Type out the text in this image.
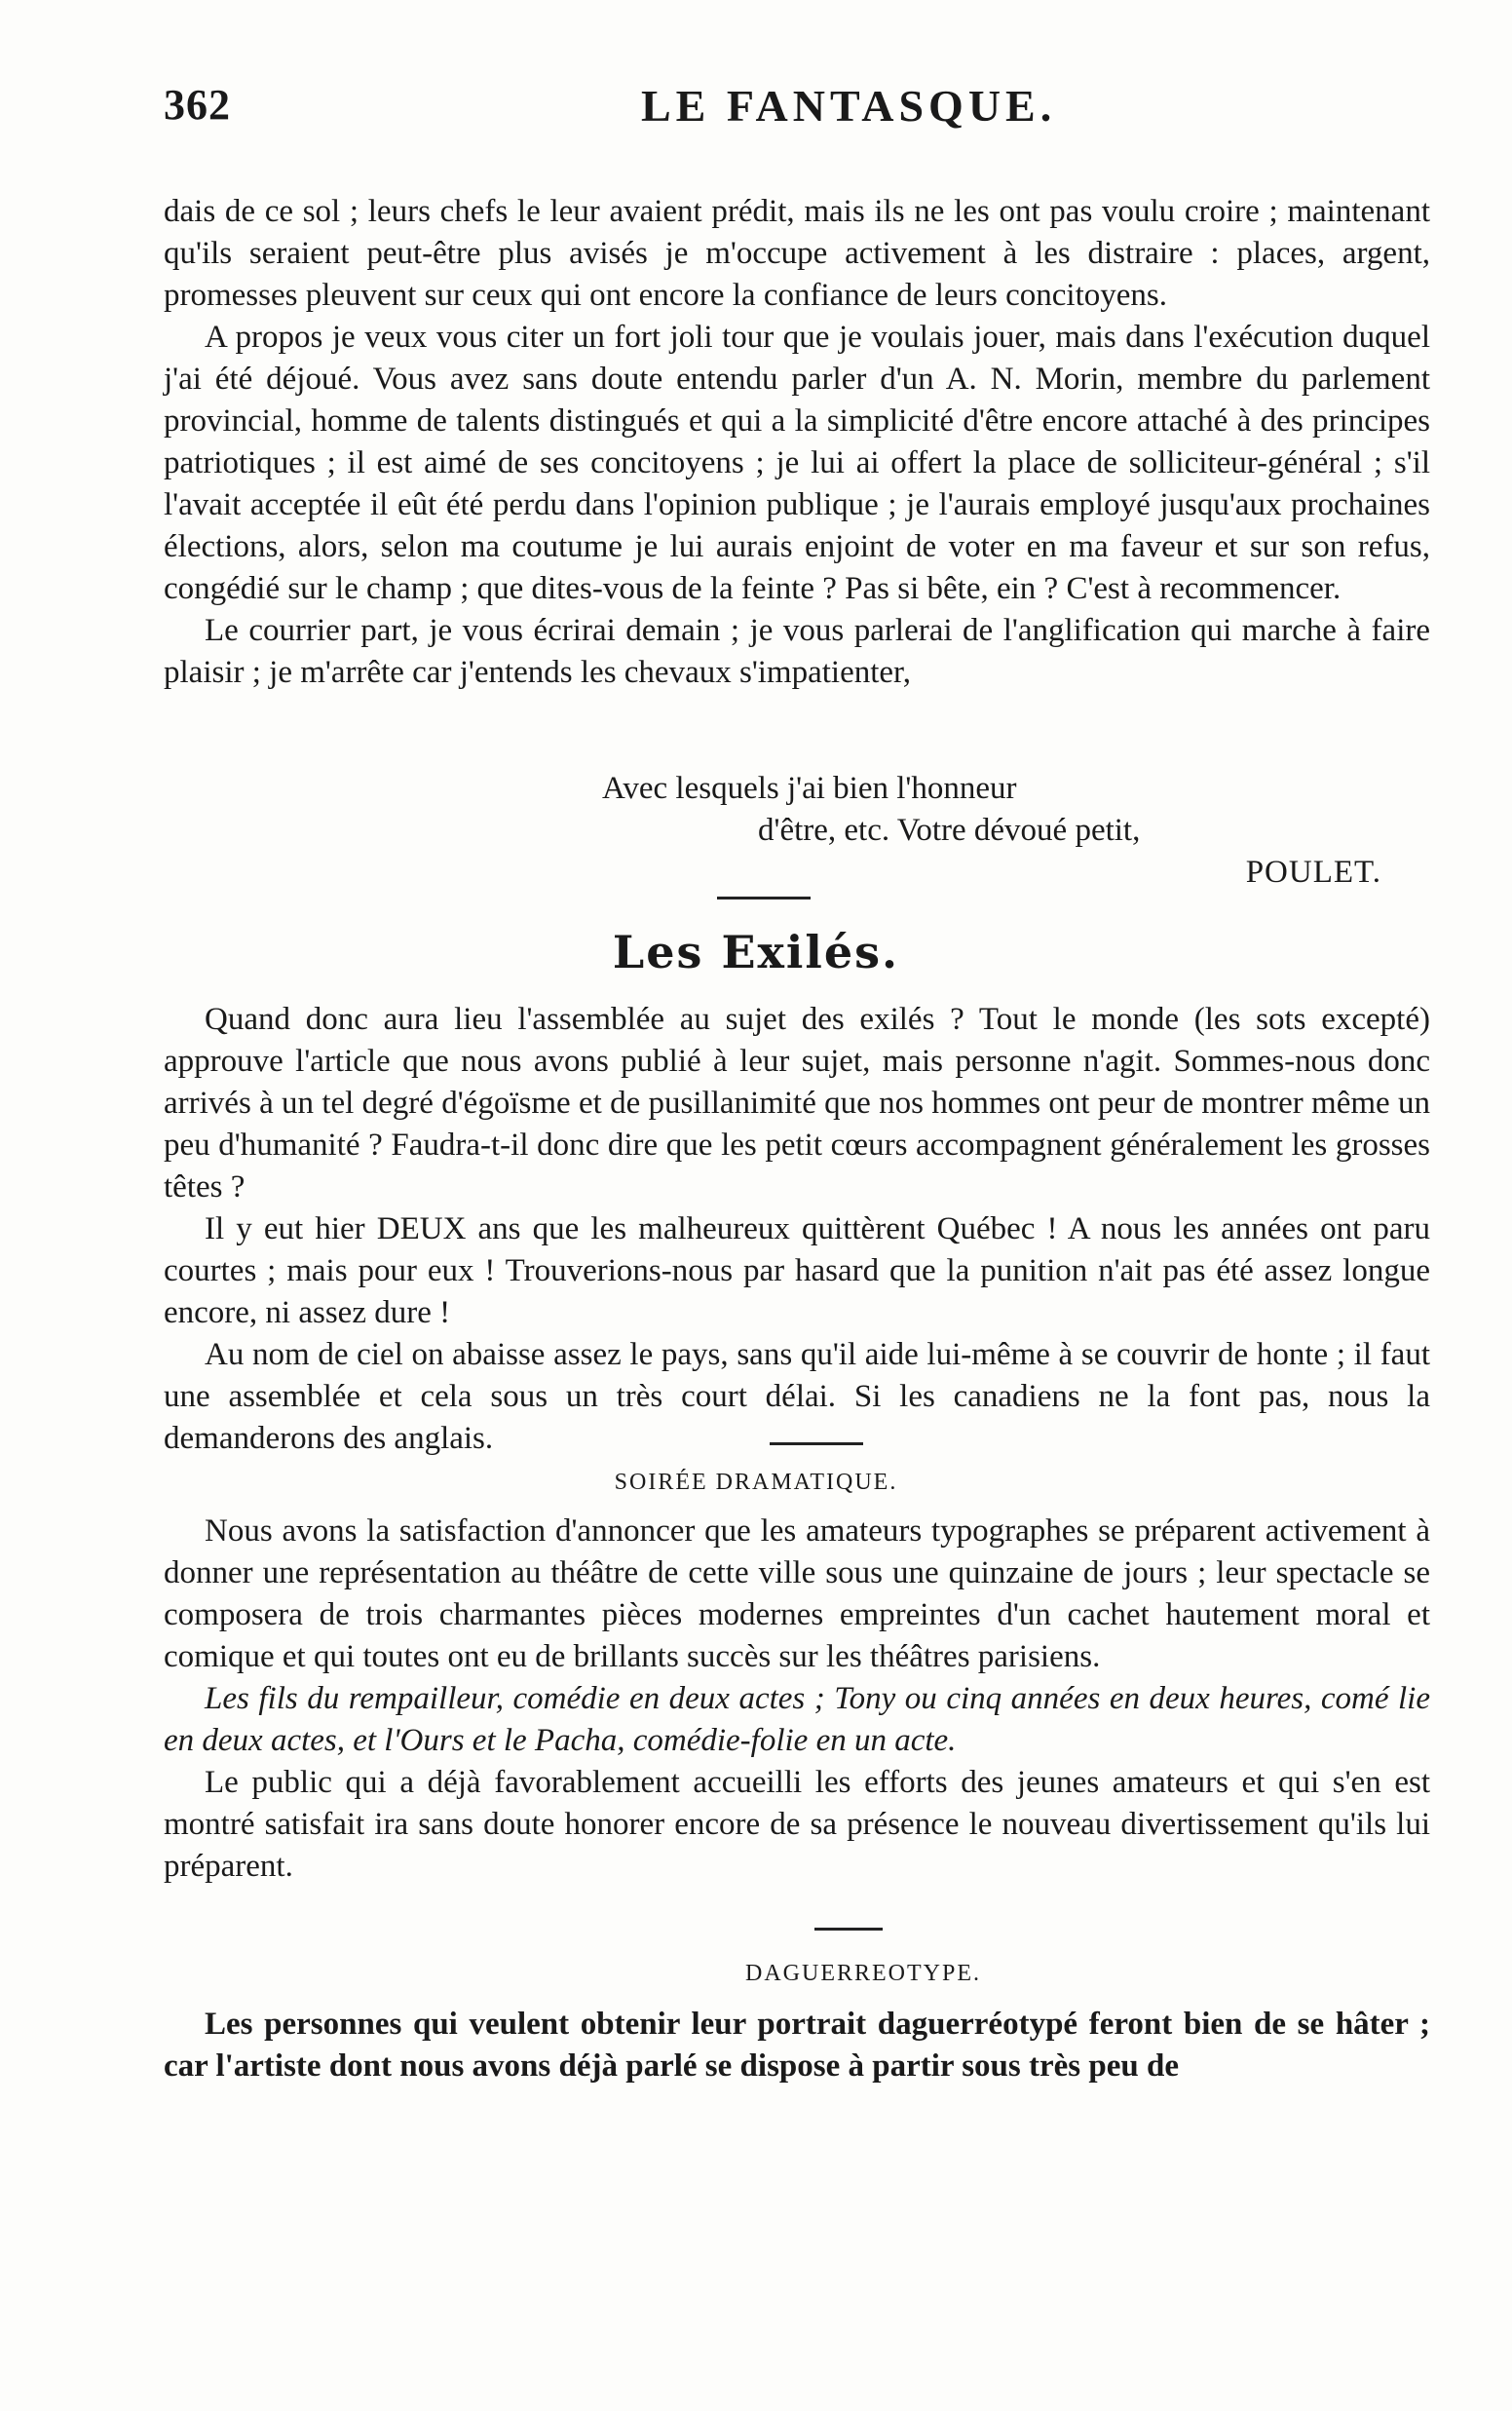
362	LE FANTASQUE.

dais de ce sol ; leurs chefs le leur avaient prédit, mais ils ne les ont pas voulu croire ; maintenant qu'ils seraient peut-être plus avisés je m'occupe activement à les distraire : places, argent, promesses pleuvent sur ceux qui ont encore la confiance de leurs concitoyens.

A propos je veux vous citer un fort joli tour que je voulais jouer, mais dans l'exécution duquel j'ai été déjoué. Vous avez sans doute entendu parler d'un A. N. Morin, membre du parlement provincial, homme de talents distingués et qui a la simplicité d'être encore attaché à des principes patriotiques ; il est aimé de ses concitoyens ; je lui ai offert la place de solliciteur-général ; s'il l'avait acceptée il eût été perdu dans l'opinion publique ; je l'aurais employé jusqu'aux prochaines élections, alors, selon ma coutume je lui aurais enjoint de voter en ma faveur et sur son refus, congédié sur le champ ; que dites-vous de la feinte ? Pas si bête, ein ? C'est à recommencer.

Le courrier part, je vous écrirai demain ; je vous parlerai de l'anglification qui marche à faire plaisir ; je m'arrête car j'entends les chevaux s'impatienter,

Avec lesquels j'ai bien l'honneur
d'être, etc. Votre dévoué petit,
POULET.
Les Exilés.

Quand donc aura lieu l'assemblée au sujet des exilés ? Tout le monde (les sots excepté) approuve l'article que nous avons publié à leur sujet, mais personne n'agit. Sommes-nous donc arrivés à un tel degré d'égoïsme et de pusillanimité que nos hommes ont peur de montrer même un peu d'humanité ? Faudra-t-il donc dire que les petit cœurs accompagnent généralement les grosses têtes ?

Il y eut hier DEUX ans que les malheureux quittèrent Québec ! A nous les années ont paru courtes ; mais pour eux ! Trouverions-nous par hasard que la punition n'ait pas été assez longue encore, ni assez dure !

Au nom de ciel on abaisse assez le pays, sans qu'il aide lui-même à se couvrir de honte ; il faut une assemblée et cela sous un très court délai. Si les canadiens ne la font pas, nous la demanderons des anglais.

SOIRÉE DRAMATIQUE.

Nous avons la satisfaction d'annoncer que les amateurs typographes se préparent activement à donner une représentation au théâtre de cette ville sous une quinzaine de jours ; leur spectacle se composera de trois charmantes pièces modernes empreintes d'un cachet hautement moral et comique et qui toutes ont eu de brillants succès sur les théâtres parisiens.

Les fils du rempailleur, comédie en deux actes ; Tony ou cinq années en deux heures, comé lie en deux actes, et l'Ours et le Pacha, comédie-folie en un acte.

Le public qui a déjà favorablement accueilli les efforts des jeunes amateurs et qui s'en est montré satisfait ira sans doute honorer encore de sa présence le nouveau divertissement qu'ils lui préparent.

DAGUERREOTYPE.

Les personnes qui veulent obtenir leur portrait daguerréotypé feront bien de se hâter ; car l'artiste dont nous avons déjà parlé se dispose à partir sous très peu de
